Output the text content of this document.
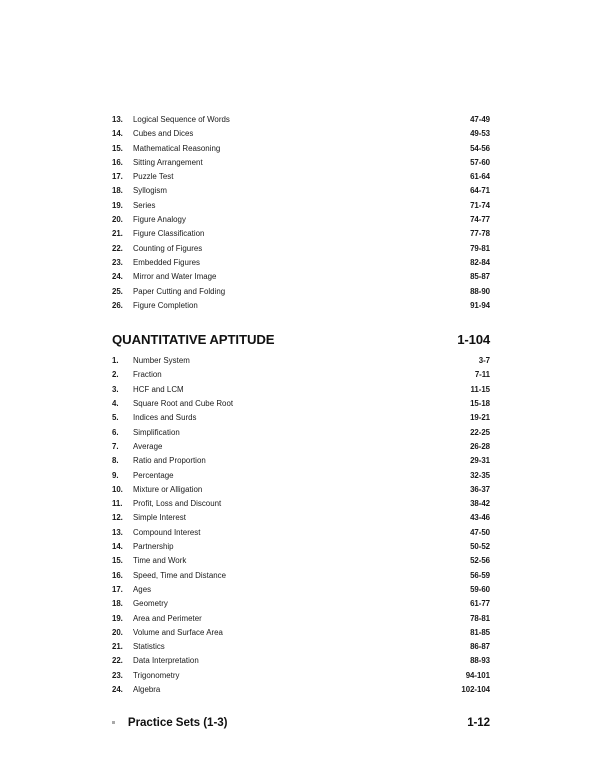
13.	Logical Sequence of Words	47-49
14.	Cubes and Dices	49-53
15.	Mathematical Reasoning	54-56
16.	Sitting Arrangement	57-60
17.	Puzzle Test	61-64
18.	Syllogism	64-71
19.	Series	71-74
20.	Figure Analogy	74-77
21.	Figure Classification	77-78
22.	Counting of Figures	79-81
23.	Embedded Figures	82-84
24.	Mirror and Water Image	85-87
25.	Paper Cutting and Folding	88-90
26.	Figure Completion	91-94
QUANTITATIVE APTITUDE	1-104
1.	Number System	3-7
2.	Fraction	7-11
3.	HCF and LCM	11-15
4.	Square Root and Cube Root	15-18
5.	Indices and Surds	19-21
6.	Simplification	22-25
7.	Average	26-28
8.	Ratio and Proportion	29-31
9.	Percentage	32-35
10.	Mixture or Alligation	36-37
11.	Profit, Loss and Discount	38-42
12.	Simple Interest	43-46
13.	Compound Interest	47-50
14.	Partnership	50-52
15.	Time and Work	52-56
16.	Speed, Time and Distance	56-59
17.	Ages	59-60
18.	Geometry	61-77
19.	Area and Perimeter	78-81
20.	Volume and Surface Area	81-85
21.	Statistics	86-87
22.	Data Interpretation	88-93
23.	Trigonometry	94-101
24.	Algebra	102-104
Practice Sets (1-3)	1-12
